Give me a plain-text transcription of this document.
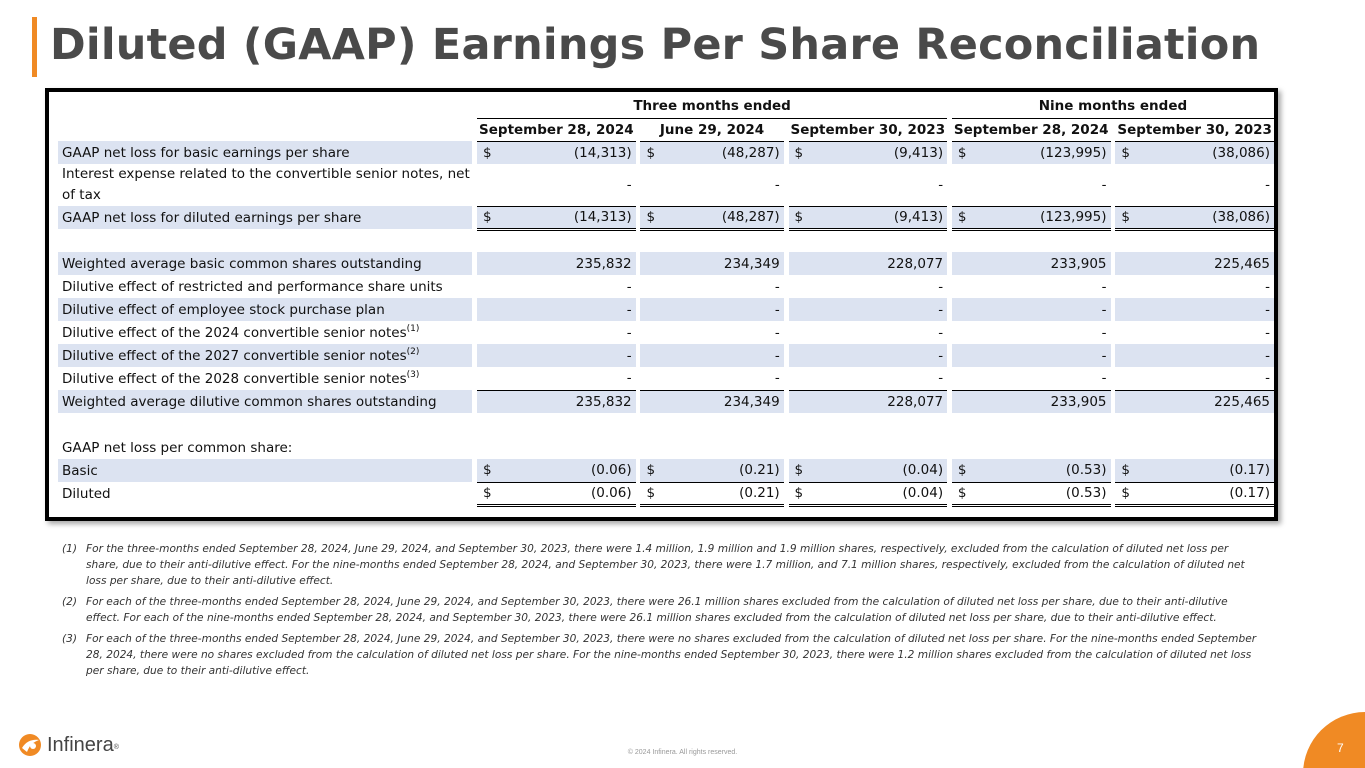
Diluted (GAAP) Earnings Per Share Reconciliation
		Three months ended									Nine months ended				
		September 28, 2024			June 29, 2024			September 30, 2023			September 28, 2024			September 30, 2023	
GAAP net loss for basic earnings per share		$	(14,313)		$	(48,287)		$	(9,413)		$	(123,995)		$	(38,086)
Interest expense related to the convertible senior notes, net of tax			-			-			-			-			-
GAAP net loss for diluted earnings per share		$	(14,313)		$	(48,287)		$	(9,413)		$	(123,995)		$	(38,086)

Weighted average basic common shares outstanding			235,832			234,349			228,077			233,905			225,465
Dilutive effect of restricted and performance share units			-			-			-			-			-
Dilutive effect of employee stock purchase plan			-			-			-			-			-
Dilutive effect of the 2024 convertible senior notes$^{(1)}$			-			-			-			-			-
Dilutive effect of the 2027 convertible senior notes$^{(2)}$			-			-			-			-			-
Dilutive effect of the 2028 convertible senior notes$^{(3)}$			-			-			-			-			-
Weighted average dilutive common shares outstanding			235,832			234,349			228,077			233,905			225,465

GAAP net loss per common share:															
Basic		$	(0.06)		$	(0.21)		$	(0.04)		$	(0.53)		$	(0.17)
Diluted		$	(0.06)		$	(0.21)		$	(0.04)		$	(0.53)		$	(0.17)
(1) For the three-months ended September 28, 2024, June 29, 2024, and September 30, 2023, there were 1.4 million, 1.9 million and 1.9 million shares, respectively, excluded from the calculation of diluted net loss per share, due to their anti-dilutive effect. For the nine-months ended September 28, 2024, and September 30, 2023, there were 1.7 million, and 7.1 million shares, respectively, excluded from the calculation of diluted net loss per share, due to their anti-dilutive effect.
(2) For each of the three-months ended September 28, 2024, June 29, 2024, and September 30, 2023, there were 26.1 million shares excluded from the calculation of diluted net loss per share, due to their anti-dilutive effect. For each of the nine-months ended September 28, 2024, and September 30, 2023, there were 26.1 million shares excluded from the calculation of diluted net loss per share, due to their anti-dilutive effect.
(3) For each of the three-months ended September 28, 2024, June 29, 2024, and September 30, 2023, there were no shares excluded from the calculation of diluted net loss per share. For the nine-months ended September 28, 2024, there were no shares excluded from the calculation of diluted net loss per share. For the nine-months ended September 30, 2023, there were 1.2 million shares excluded from the calculation of diluted net loss per share, due to their anti-dilutive effect.
Infinera®
© 2024 Infinera. All rights reserved.	7
